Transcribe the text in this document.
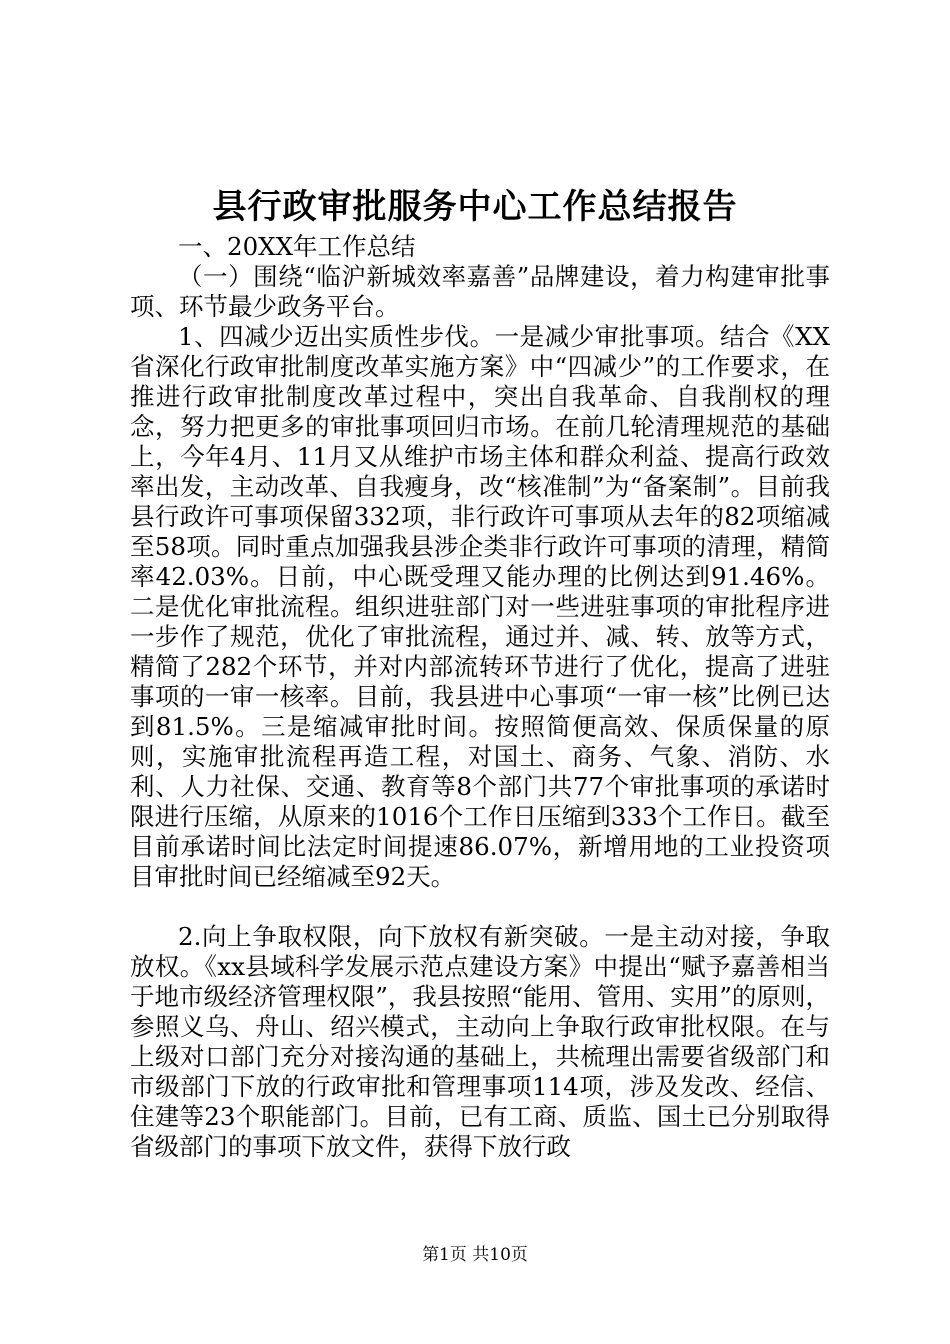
县行政审批服务中心工作总结报告

一、20XX年工作总结

（一）围绕“临沪新城效率嘉善”品牌建设，着力构建审批事项、环节最少政务平台。

1、四减少迈出实质性步伐。一是减少审批事项。结合《XX省深化行政审批制度改革实施方案》中“四减少”的工作要求，在推进行政审批制度改革过程中，突出自我革命、自我削权的理念，努力把更多的审批事项回归市场。在前几轮清理规范的基础上，今年4月、11月又从维护市场主体和群众利益、提高行政效率出发，主动改革、自我瘦身，改“核准制”为“备案制”。目前我县行政许可事项保留332项，非行政许可事项从去年的82项缩减至58项。同时重点加强我县涉企类非行政许可事项的清理，精简率42.03%。日前，中心既受理又能办理的比例达到91.46%。二是优化审批流程。组织进驻部门对一些进驻事项的审批程序进一步作了规范，优化了审批流程，通过并、减、转、放等方式，精简了282个环节，并对内部流转环节进行了优化，提高了进驻事项的一审一核率。目前，我县进中心事项“一审一核”比例已达到81.5%。三是缩减审批时间。按照简便高效、保质保量的原则，实施审批流程再造工程，对国土、商务、气象、消防、水利、人力社保、交通、教育等8个部门共77个审批事项的承诺时限进行压缩，从原来的1016个工作日压缩到333个工作日。截至目前承诺时间比法定时间提速86.07%，新增用地的工业投资项目审批时间已经缩减至92天。

2.向上争取权限，向下放权有新突破。一是主动对接，争取放权。《xx县域科学发展示范点建设方案》中提出“赋予嘉善相当于地市级经济管理权限”，我县按照“能用、管用、实用”的原则，参照义乌、舟山、绍兴模式，主动向上争取行政审批权限。在与上级对口部门充分对接沟通的基础上，共梳理出需要省级部门和市级部门下放的行政审批和管理事项114项，涉及发改、经信、住建等23个职能部门。目前，已有工商、质监、国土已分别取得省级部门的事项下放文件，获得下放行政

第1页 共10页
